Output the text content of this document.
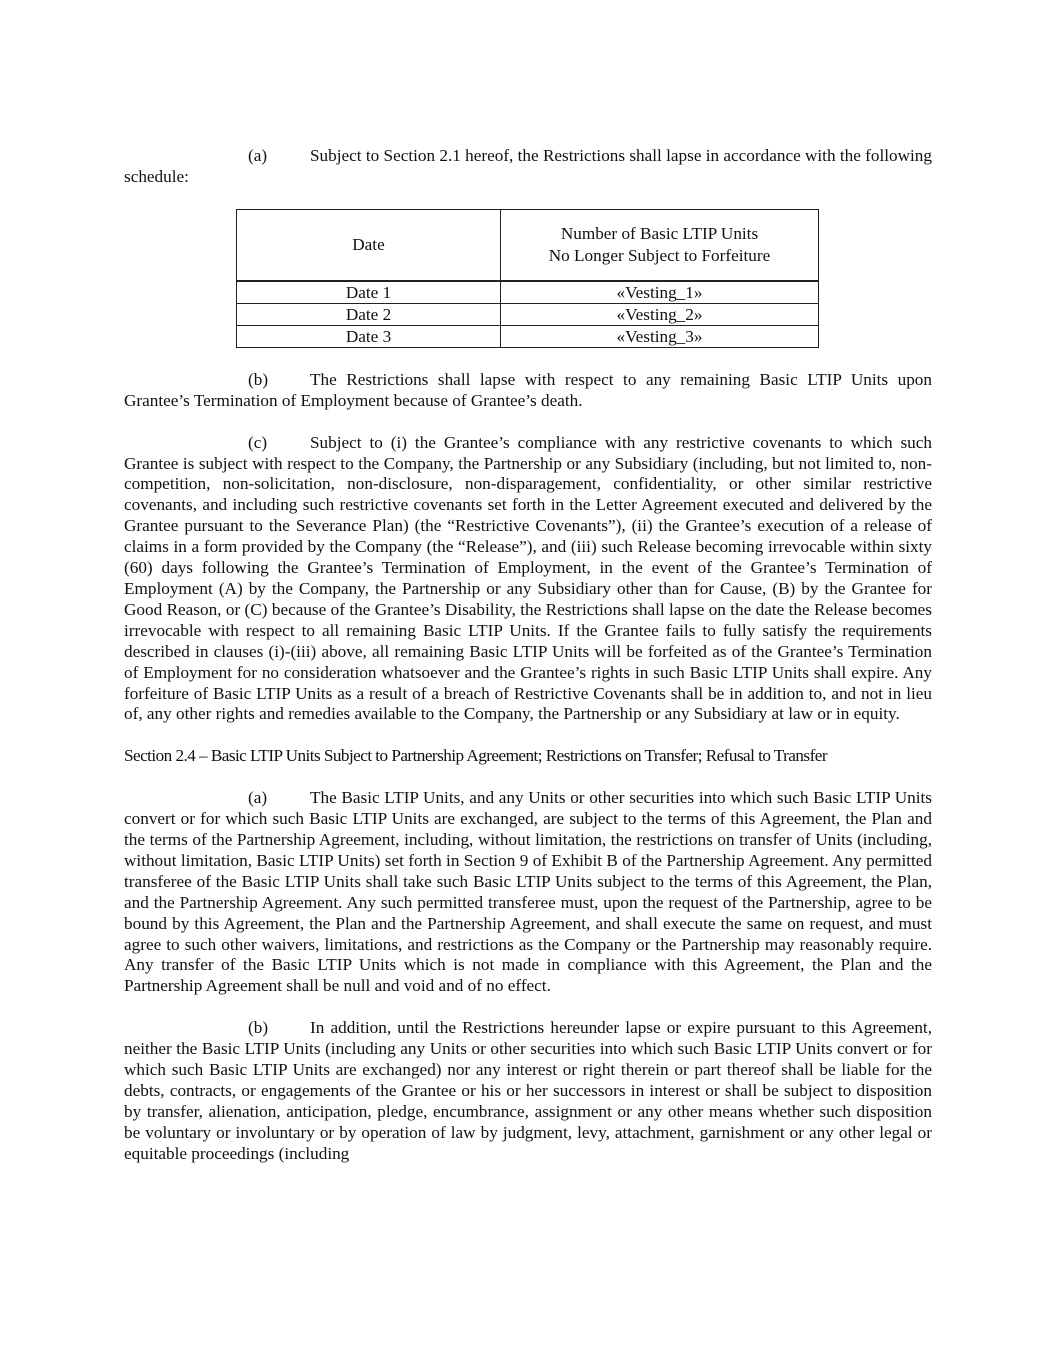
(a) Subject to Section 2.1 hereof, the Restrictions shall lapse in accordance with the following schedule:

Date	Number of Basic LTIP Units
No Longer Subject to Forfeiture
Date 1	«Vesting_1»
Date 2	«Vesting_2»
Date 3	«Vesting_3»

(b) The Restrictions shall lapse with respect to any remaining Basic LTIP Units upon Grantee’s Termination of Employment because of Grantee’s death.

(c) Subject to (i) the Grantee’s compliance with any restrictive covenants to which such Grantee is subject with respect to the Company, the Partnership or any Subsidiary (including, but not limited to, non-competition, non-solicitation, non-disclosure, non-disparagement, confidentiality, or other similar restrictive covenants, and including such restrictive covenants set forth in the Letter Agreement executed and delivered by the Grantee pursuant to the Severance Plan) (the “Restrictive Covenants”), (ii) the Grantee’s execution of a release of claims in a form provided by the Company (the “Release”), and (iii) such Release becoming irrevocable within sixty (60) days following the Grantee’s Termination of Employment, in the event of the Grantee’s Termination of Employment (A) by the Company, the Partnership or any Subsidiary other than for Cause, (B) by the Grantee for Good Reason, or (C) because of the Grantee’s Disability, the Restrictions shall lapse on the date the Release becomes irrevocable with respect to all remaining Basic LTIP Units. If the Grantee fails to fully satisfy the requirements described in clauses (i)-(iii) above, all remaining Basic LTIP Units will be forfeited as of the Grantee’s Termination of Employment for no consideration whatsoever and the Grantee’s rights in such Basic LTIP Units shall expire. Any forfeiture of Basic LTIP Units as a result of a breach of Restrictive Covenants shall be in addition to, and not in lieu of, any other rights and remedies available to the Company, the Partnership or any Subsidiary at law or in equity.

Section 2.4 – Basic LTIP Units Subject to Partnership Agreement; Restrictions on Transfer; Refusal to Transfer

(a) The Basic LTIP Units, and any Units or other securities into which such Basic LTIP Units convert or for which such Basic LTIP Units are exchanged, are subject to the terms of this Agreement, the Plan and the terms of the Partnership Agreement, including, without limitation, the restrictions on transfer of Units (including, without limitation, Basic LTIP Units) set forth in Section 9 of Exhibit B of the Partnership Agreement. Any permitted transferee of the Basic LTIP Units shall take such Basic LTIP Units subject to the terms of this Agreement, the Plan, and the Partnership Agreement. Any such permitted transferee must, upon the request of the Partnership, agree to be bound by this Agreement, the Plan and the Partnership Agreement, and shall execute the same on request, and must agree to such other waivers, limitations, and restrictions as the Company or the Partnership may reasonably require. Any transfer of the Basic LTIP Units which is not made in compliance with this Agreement, the Plan and the Partnership Agreement shall be null and void and of no effect.

(b) In addition, until the Restrictions hereunder lapse or expire pursuant to this Agreement, neither the Basic LTIP Units (including any Units or other securities into which such Basic LTIP Units convert or for which such Basic LTIP Units are exchanged) nor any interest or right therein or part thereof shall be liable for the debts, contracts, or engagements of the Grantee or his or her successors in interest or shall be subject to disposition by transfer, alienation, anticipation, pledge, encumbrance, assignment or any other means whether such disposition be voluntary or involuntary or by operation of law by judgment, levy, attachment, garnishment or any other legal or equitable proceedings (including
